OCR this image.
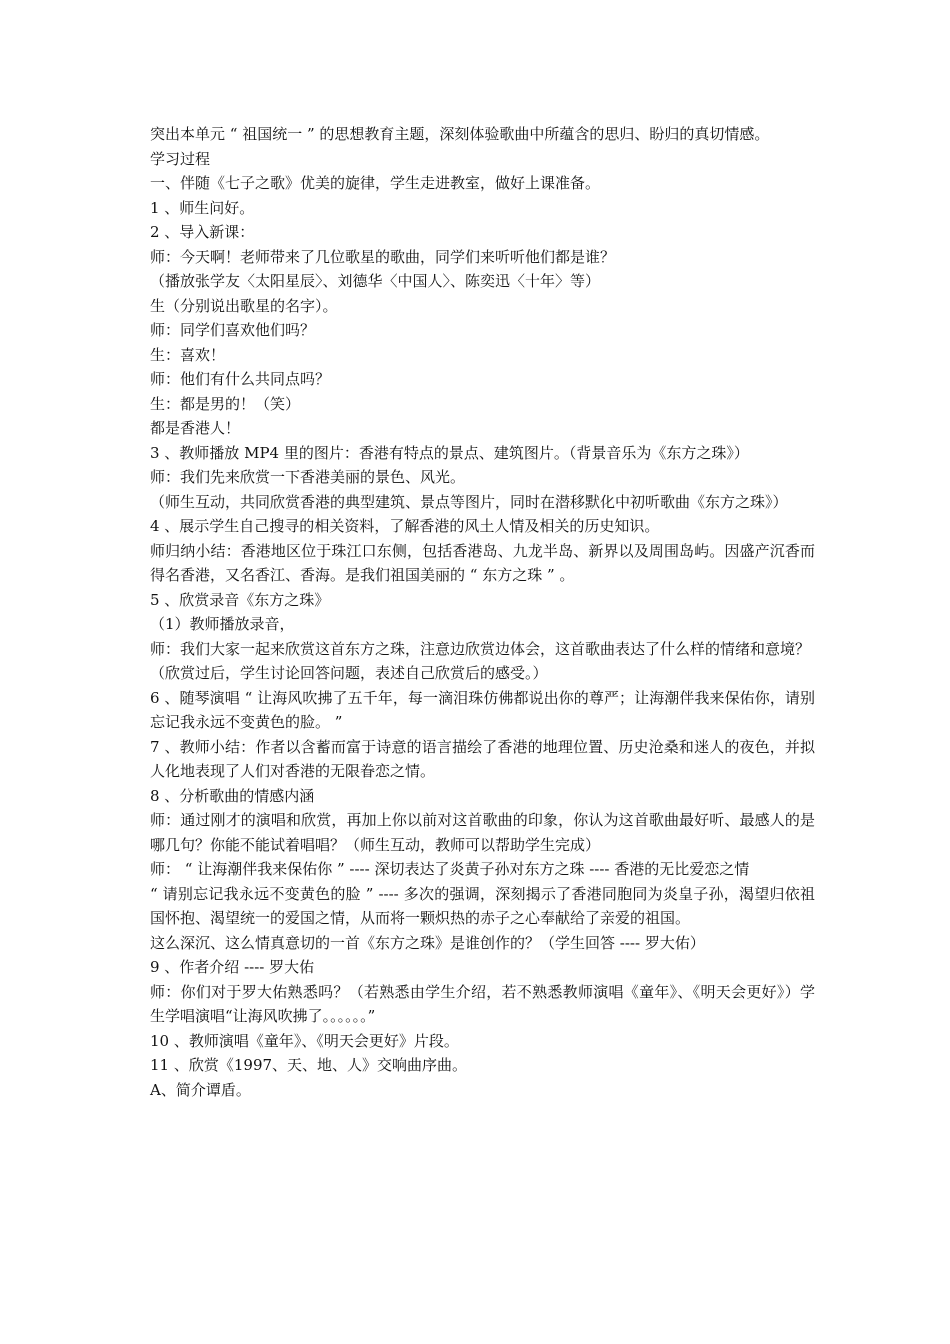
突出本单元 “ 祖国统一 ” 的思想教育主题，深刻体验歌曲中所蕴含的思归、盼归的真切情感。

学习过程

一、伴随《七子之歌》优美的旋律，学生走进教室，做好上课准备。

1 、师生问好。

2 、导入新课：

师：今天啊！老师带来了几位歌星的歌曲，同学们来听听他们都是谁？

（播放张学友〈太阳星辰〉、刘德华〈中国人〉、陈奕迅〈十年〉等）

生（分别说出歌星的名字）。

师：同学们喜欢他们吗？

生：喜欢！

师：他们有什么共同点吗？

生：都是男的！（笑）

都是香港人！

3 、教师播放 MP4 里的图片：香港有特点的景点、建筑图片。（背景音乐为《东方之珠》）

师：我们先来欣赏一下香港美丽的景色、风光。

（师生互动，共同欣赏香港的典型建筑、景点等图片，同时在潜移默化中初听歌曲《东方之珠》）

4 、展示学生自己搜寻的相关资料，了解香港的风土人情及相关的历史知识。

师归纳小结：香港地区位于珠江口东侧，包括香港岛、九龙半岛、新界以及周围岛屿。因盛产沉香而得名香港，又名香江、香海。是我们祖国美丽的 “ 东方之珠 ” 。

5 、欣赏录音《东方之珠》

（1）教师播放录音，

师：我们大家一起来欣赏这首东方之珠，注意边欣赏边体会，这首歌曲表达了什么样的情绪和意境？

（欣赏过后，学生讨论回答问题，表述自己欣赏后的感受。）

6 、随琴演唱 “ 让海风吹拂了五千年，每一滴泪珠仿佛都说出你的尊严；让海潮伴我来保佑你，请别忘记我永远不变黄色的脸。 ”

7 、教师小结：作者以含蓄而富于诗意的语言描绘了香港的地理位置、历史沧桑和迷人的夜色，并拟人化地表现了人们对香港的无限眷恋之情。

8 、分析歌曲的情感内涵

师：通过刚才的演唱和欣赏，再加上你以前对这首歌曲的印象，你认为这首歌曲最好听、最感人的是哪几句？你能不能试着唱唱？（师生互动，教师可以帮助学生完成）

师： “ 让海潮伴我来保佑你 ” ---- 深切表达了炎黄子孙对东方之珠 ---- 香港的无比爱恋之情

“ 请别忘记我永远不变黄色的脸 ” ---- 多次的强调，深刻揭示了香港同胞同为炎皇子孙，渴望归依祖国怀抱、渴望统一的爱国之情，从而将一颗炽热的赤子之心奉献给了亲爱的祖国。

这么深沉、这么情真意切的一首《东方之珠》是谁创作的？（学生回答 ---- 罗大佑）

9 、作者介绍 ---- 罗大佑

师：你们对于罗大佑熟悉吗？（若熟悉由学生介绍，若不熟悉教师演唱《童年》、《明天会更好》）学生学唱演唱“让海风吹拂了。。。。。。”

10 、教师演唱《童年》、《明天会更好》片段。

11 、欣赏《1997、天、地、人》交响曲序曲。

A、简介谭盾。
